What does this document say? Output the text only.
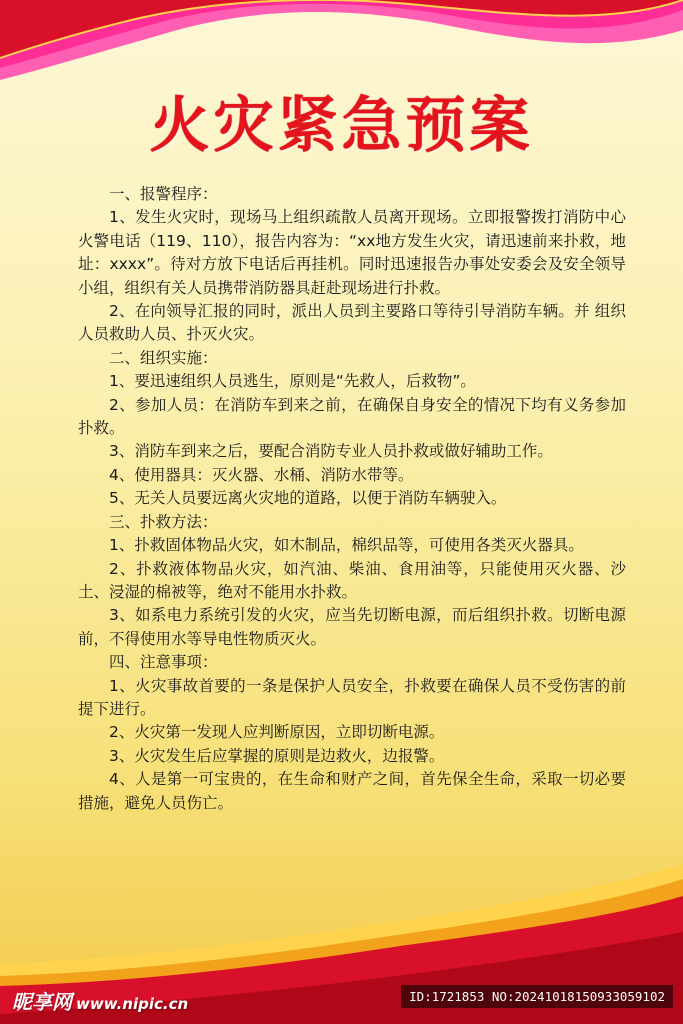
火灾紧急预案

一、报警程序：

1、发生火灾时，现场马上组织疏散人员离开现场。立即报警拨打消防中心火警电话（119、110），报告内容为：“xx地方发生火灾，请迅速前来扑救，地址：xxxx”。待对方放下电话后再挂机。同时迅速报告办事处安委会及安全领导小组，组织有关人员携带消防器具赶赴现场进行扑救。

2、在向领导汇报的同时，派出人员到主要路口等待引导消防车辆。并 组织人员救助人员、扑灭火灾。

二、组织实施：

1、要迅速组织人员逃生，原则是“先救人，后救物”。

2、参加人员：在消防车到来之前，在确保自身安全的情况下均有义务参加扑救。

3、消防车到来之后，要配合消防专业人员扑救或做好辅助工作。

4、使用器具：灭火器、水桶、消防水带等。

5、无关人员要远离火灾地的道路，以便于消防车辆驶入。

三、扑救方法：

1、扑救固体物品火灾，如木制品，棉织品等，可使用各类灭火器具。

2、扑救液体物品火灾，如汽油、柴油、食用油等，只能使用灭火器、沙土、浸湿的棉被等，绝对不能用水扑救。

3、如系电力系统引发的火灾，应当先切断电源，而后组织扑救。切断电源前，不得使用水等导电性物质灭火。

四、注意事项：

1、火灾事故首要的一条是保护人员安全，扑救要在确保人员不受伤害的前提下进行。

2、火灾第一发现人应判断原因，立即切断电源。

3、火灾发生后应掌握的原则是边救火，边报警。

4、人是第一可宝贵的，在生命和财产之间，首先保全生命，采取一切必要措施，避免人员伤亡。

昵享网 www.nipic.cn	ID:1721853 NO:20241018150933059102
